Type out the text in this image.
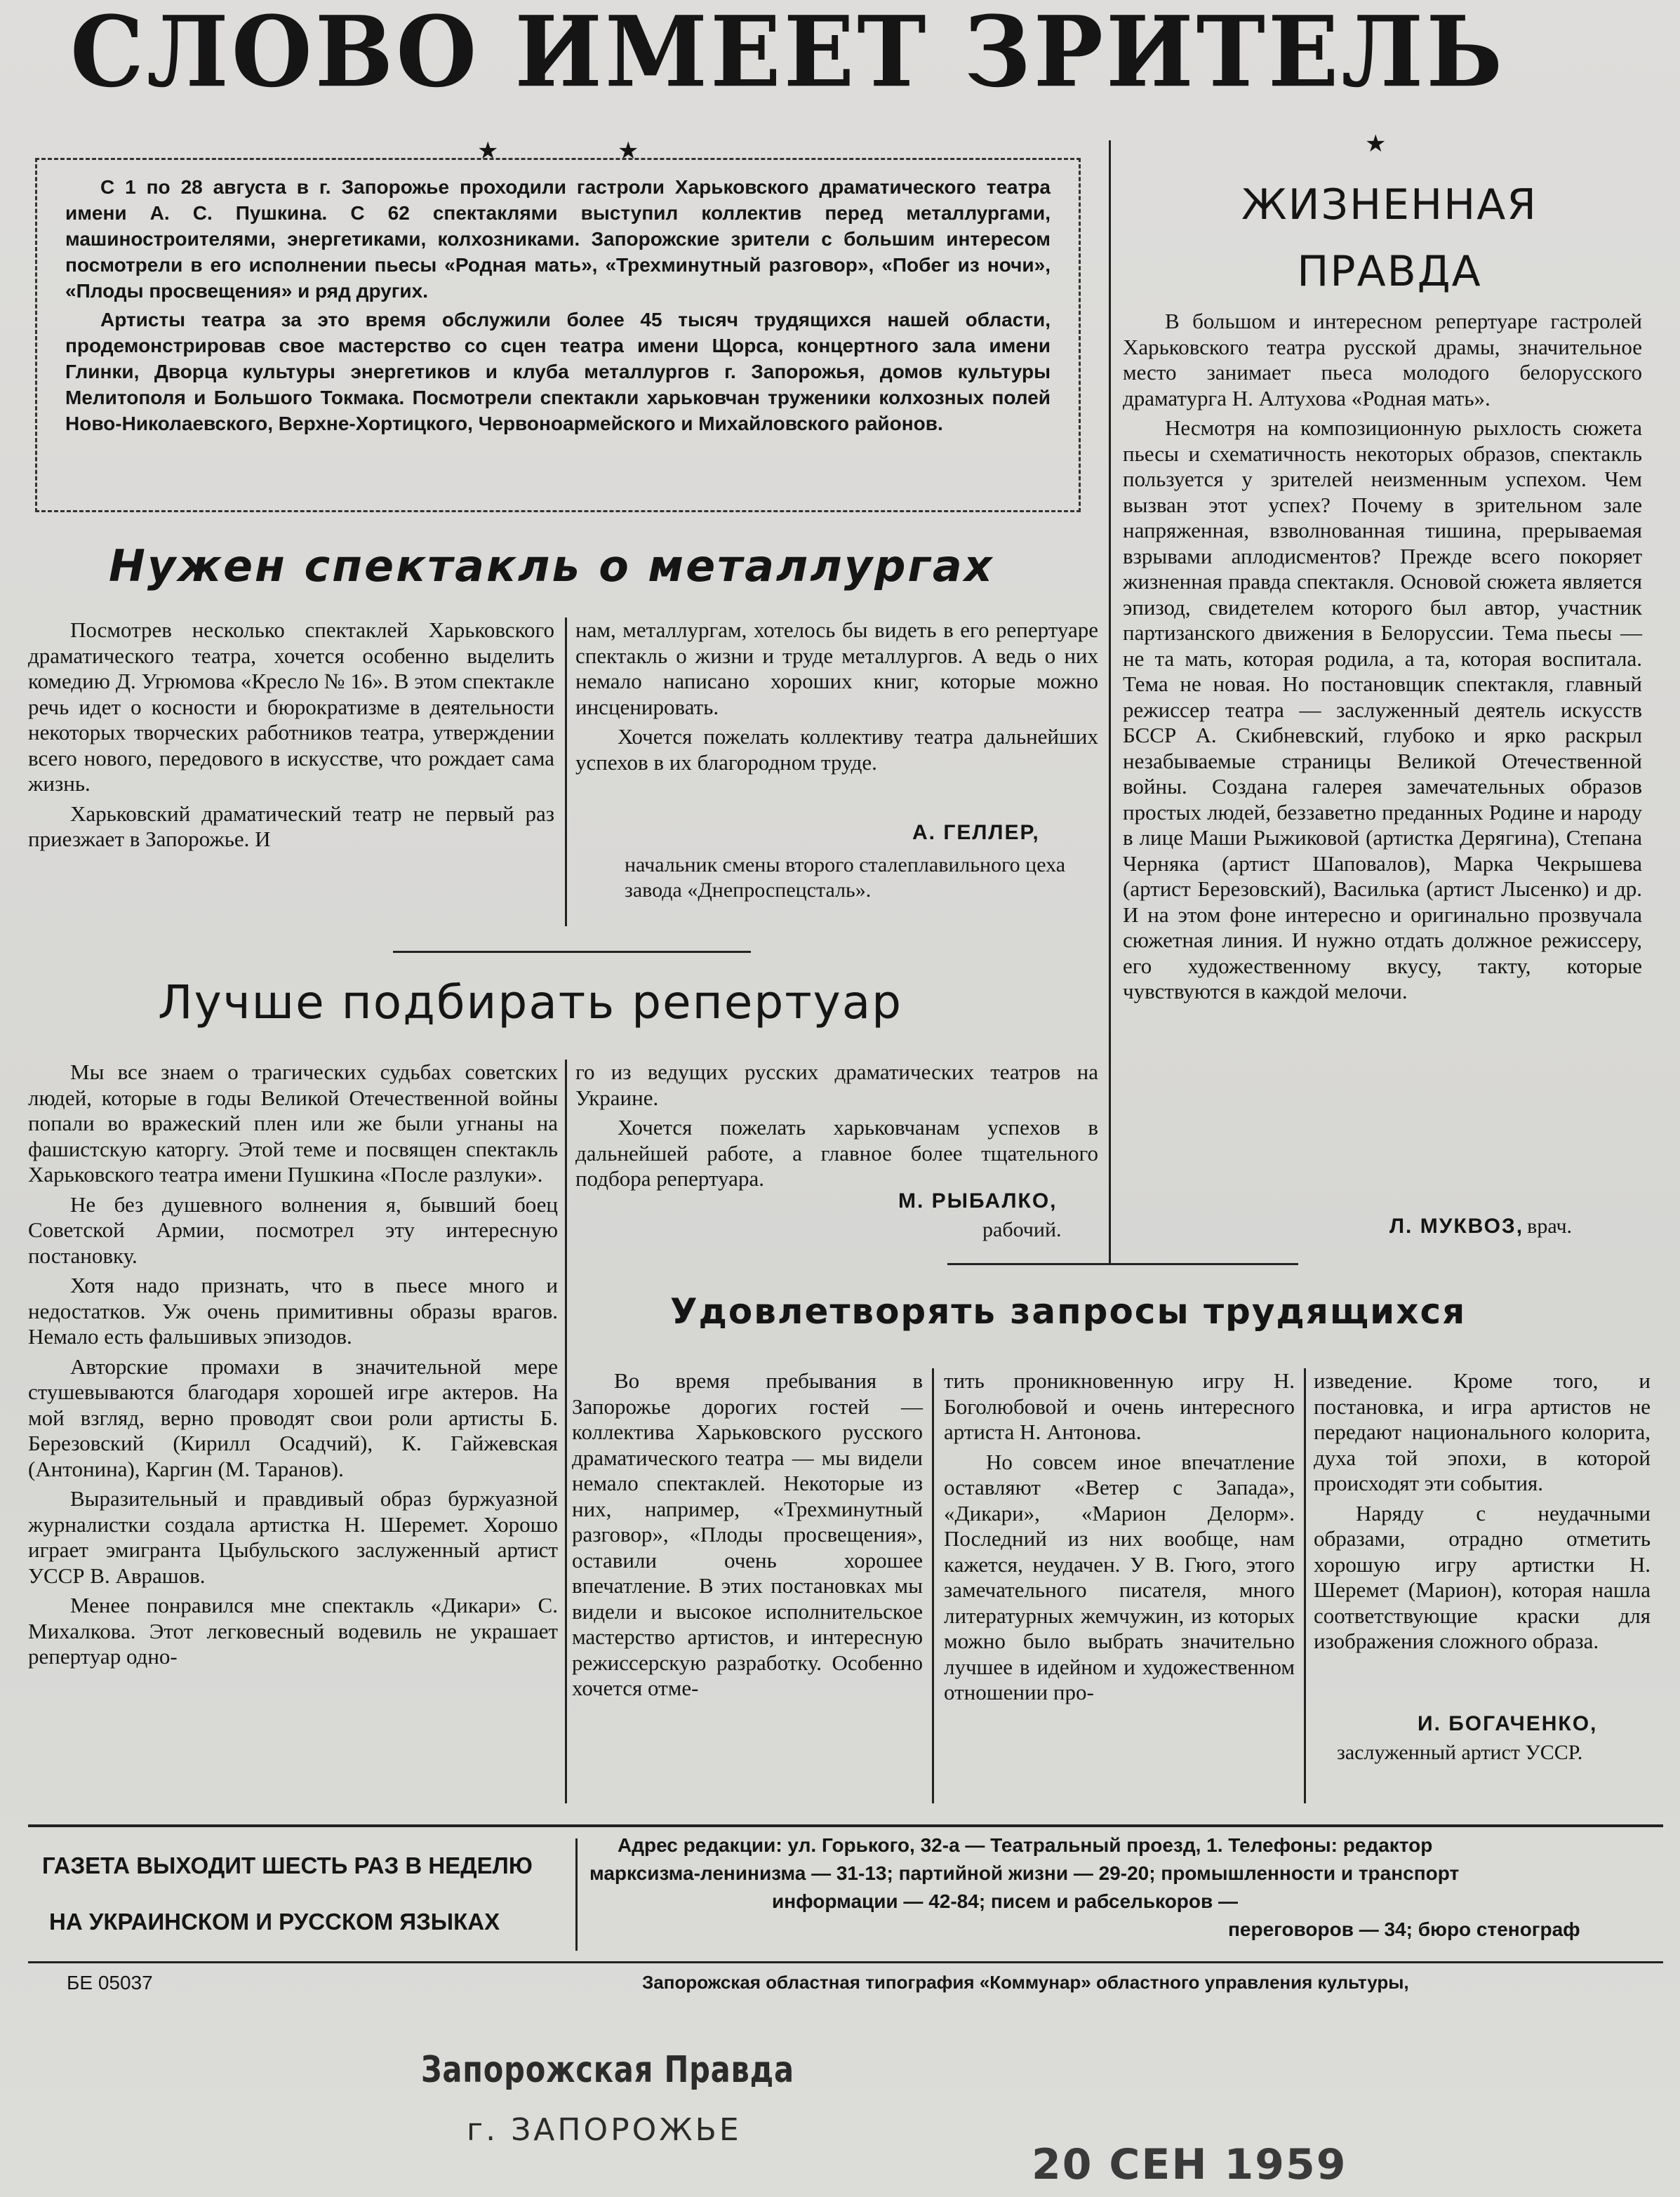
СЛОВО ИМЕЕТ ЗРИТЕЛЬ
★	★	★

С 1 по 28 августа в г. Запорожье проходили гастроли Харьковского драматического театра имени А. С. Пушкина. С 62 спектаклями выступил коллектив перед металлургами, машиностроителями, энергетиками, колхозниками. Запорожские зрители с большим интересом посмотрели в его исполнении пьесы «Родная мать», «Трехминутный разговор», «Побег из ночи», «Плоды просвещения» и ряд других.

Артисты театра за это время обслужили более 45 тысяч трудящихся нашей области, продемонстрировав свое мастерство со сцен театра имени Щорса, концертного зала имени Глинки, Дворца культуры энергетиков и клуба металлургов г. Запорожья, домов культуры Мелитополя и Большого Токмака. Посмотрели спектакли харьковчан труженики колхозных полей Ново-Николаевского, Верхне-Хортицкого, Червоноармейского и Михайловского районов.

Нужен спектакль о металлургах

Посмотрев несколько спектаклей Харьковского драматического театра, хочется особенно выделить комедию Д. Угрюмова «Кресло № 16». В этом спектакле речь идет о косности и бюрократизме в деятельности некоторых творческих работников театра, утверждении всего нового, передового в искусстве, что рождает сама жизнь.

Харьковский драматический театр не первый раз приезжает в Запорожье. И

нам, металлургам, хотелось бы видеть в его репертуаре спектакль о жизни и труде металлургов. А ведь о них немало написано хороших книг, которые можно инсценировать.

Хочется пожелать коллективу театра дальнейших успехов в их благородном труде.

А. ГЕЛЛЕР,
начальник смены второго сталеплавильного цеха завода «Днепроспецсталь».
Лучше подбирать репертуар

Мы все знаем о трагических судьбах советских людей, которые в годы Великой Отечественной войны попали во вражеский плен или же были угнаны на фашистскую каторгу. Этой теме и посвящен спектакль Харьковского театра имени Пушкина «После разлуки».

Не без душевного волнения я, бывший боец Советской Армии, посмотрел эту интересную постановку.

Хотя надо признать, что в пьесе много и недостатков. Уж очень примитивны образы врагов. Немало есть фальшивых эпизодов.

Авторские промахи в значительной мере стушевываются благодаря хорошей игре актеров. На мой взгляд, верно проводят свои роли артисты Б. Березовский (Кирилл Осадчий), К. Гайжевская (Антонина), Каргин (М. Таранов).

Выразительный и правдивый образ буржуазной журналистки создала артистка Н. Шеремет. Хорошо играет эмигранта Цыбульского заслуженный артист УССР В. Аврашов.

Менее понравился мне спектакль «Дикари» С. Михалкова. Этот легковесный водевиль не украшает репертуар одно-

го из ведущих русских драматических театров на Украине.

Хочется пожелать харьковчанам успехов в дальнейшей работе, а главное более тщательного подбора репертуара.

М. РЫБАЛКО,
рабочий.
ЖИЗНЕННАЯ
ПРАВДА

В большом и интересном репертуаре гастролей Харьковского театра русской драмы, значительное место занимает пьеса молодого белорусского драматурга Н. Алтухова «Родная мать».

Несмотря на композиционную рыхлость сюжета пьесы и схематичность некоторых образов, спектакль пользуется у зрителей неизменным успехом. Чем вызван этот успех? Почему в зрительном зале напряженная, взволнованная тишина, прерываемая взрывами аплодисментов? Прежде всего покоряет жизненная правда спектакля. Основой сюжета является эпизод, свидетелем которого был автор, участник партизанского движения в Белоруссии. Тема пьесы — не та мать, которая родила, а та, которая воспитала. Тема не новая. Но постановщик спектакля, главный режиссер театра — заслуженный деятель искусств БССР А. Скибневский, глубоко и ярко раскрыл незабываемые страницы Великой Отечественной войны. Создана галерея замечательных образов простых людей, беззаветно преданных Родине и народу в лице Маши Рыжиковой (артистка Дерягина), Степана Черняка (артист Шаповалов), Марка Чекрышева (артист Березовский), Василька (артист Лысенко) и др. И на этом фоне интересно и оригинально прозвучала сюжетная линия. И нужно отдать должное режиссеру, его художественному вкусу, такту, которые чувствуются в каждой мелочи.

Л. МУКВОЗ, врач.
Удовлетворять запросы трудящихся

Во время пребывания в Запорожье дорогих гостей — коллектива Харьковского русского драматического театра — мы видели немало спектаклей. Некоторые из них, например, «Трехминутный разговор», «Плоды просвещения», оставили очень хорошее впечатление. В этих постановках мы видели и высокое исполнительское мастерство артистов, и интересную режиссерскую разработку. Особенно хочется отме-

тить проникновенную игру Н. Боголюбовой и очень интересного артиста Н. Антонова.

Но совсем иное впечатление оставляют «Ветер с Запада», «Дикари», «Марион Делорм». Последний из них вообще, нам кажется, неудачен. У В. Гюго, этого замечательного писателя, много литературных жемчужин, из которых можно было выбрать значительно лучшее в идейном и художественном отношении про-

изведение. Кроме того, и постановка, и игра артистов не передают национального колорита, духа той эпохи, в которой происходят эти события.

Наряду с неудачными образами, отрадно отметить хорошую игру артистки Н. Шеремет (Марион), которая нашла соответствующие краски для изображения сложного образа.

И. БОГАЧЕНКО,
заслуженный артист УССР.
ГАЗЕТА ВЫХОДИТ ШЕСТЬ РАЗ В НЕДЕЛЮ
НА УКРАИНСКОМ И РУССКОМ ЯЗЫКАХ
Адрес редакции: ул. Горького, 32-а — Театральный проезд, 1. Телефоны: редактор
марксизма-ленинизма — 31-13; партийной жизни — 29-20; промышленности и транспорт
информации — 42-84; писем и рабселькоров —
переговоров — 34; бюро стенограф
БЕ 05037	Запорожская областная типография «Коммунар» областного управления культуры,
Запорожская Правда
г. ЗАПОРОЖЬЕ
20 СЕН 1959
